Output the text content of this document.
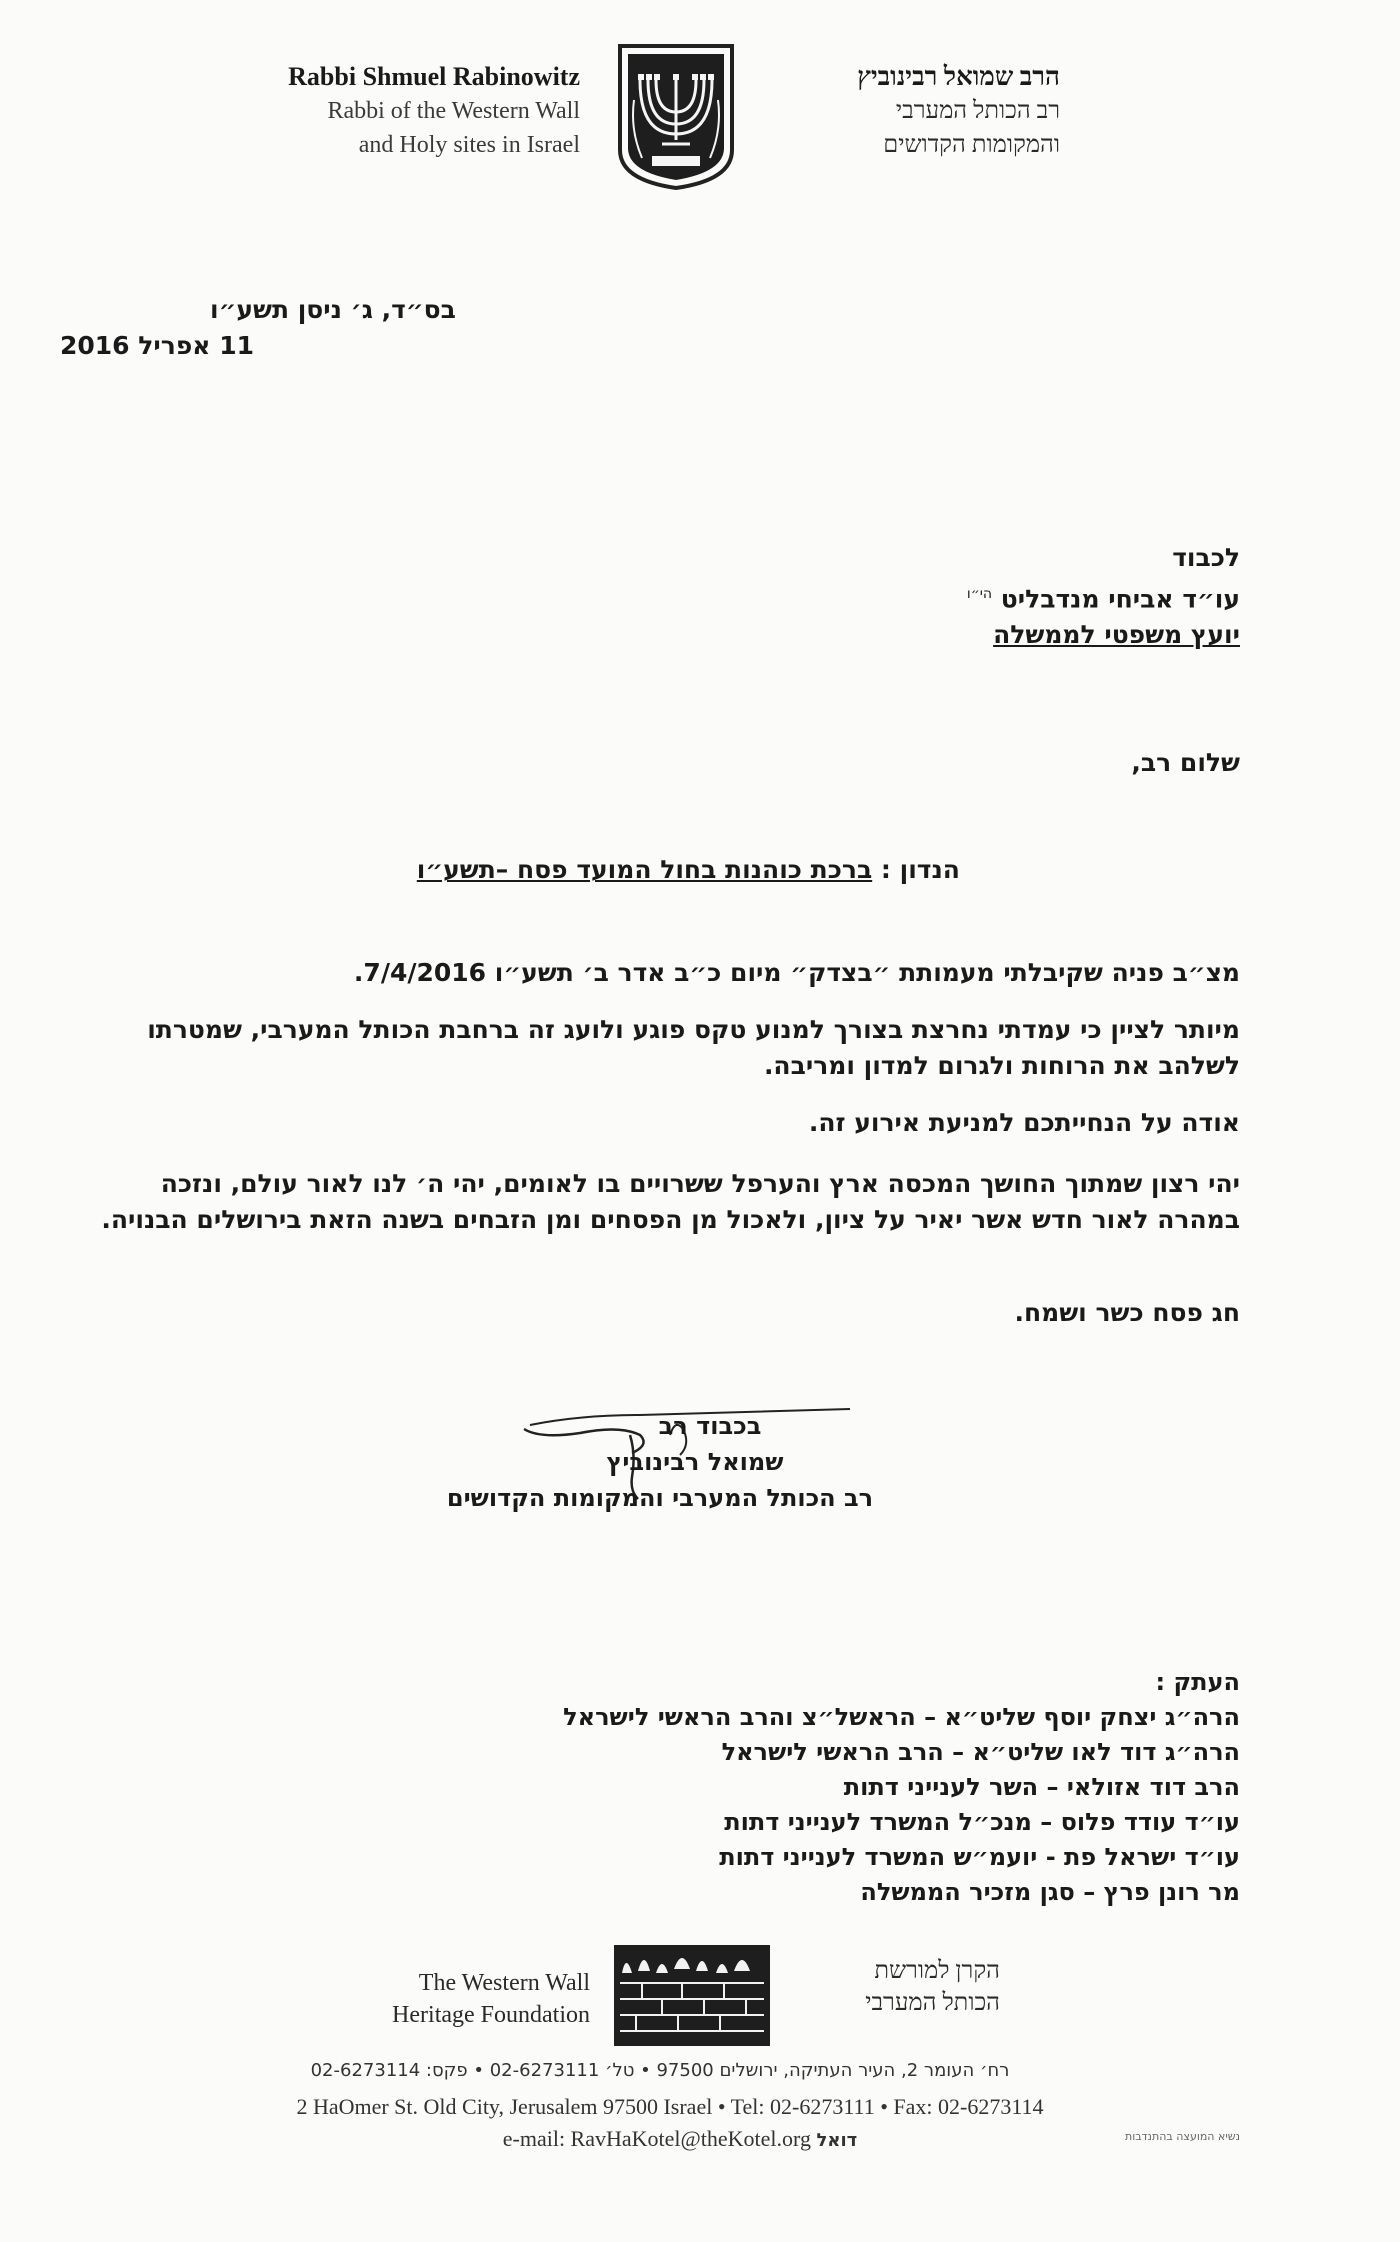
Rabbi Shmuel Rabinowitz
Rabbi of the Western Wall
and Holy sites in Israel
הרב שמואל רבינוביץ
רב הכותל המערבי
והמקומות הקדושים
בס״ד, ג׳ ניסן תשע״ו
11 אפריל 2016
לכבוד
עו״ד אביחי מנדבליט $^{הי״ו}$
יועץ משפטי לממשלה
שלום רב,
הנדון : ברכת כוהנות בחול המועד פסח –תשע״ו
מצ״ב פניה שקיבלתי מעמותת ״בצדק״ מיום כ״ב אדר ב׳ תשע״ו 7/4/2016.
מיותר לציין כי עמדתי נחרצת בצורך למנוע טקס פוגע ולועג זה ברחבת הכותל המערבי, שמטרתו לשלהב את הרוחות ולגרום למדון ומריבה.
אודה על הנחייתכם למניעת אירוע זה.
יהי רצון שמתוך החושך המכסה ארץ והערפל ששרויים בו לאומים, יהי ה׳ לנו לאור עולם, ונזכה במהרה לאור חדש אשר יאיר על ציון, ולאכול מן הפסחים ומן הזבחים בשנה הזאת בירושלים הבנויה.
חג פסח כשר ושמח.
בכבוד רב
שמואל רבינוביץ
רב הכותל המערבי והמקומות הקדושים
העתק :
הרה״ג יצחק יוסף שליט״א – הראשל״צ והרב הראשי לישראל
הרה״ג דוד לאו שליט״א – הרב הראשי לישראל
הרב דוד אזולאי – השר לענייני דתות
עו״ד עודד פלוס – מנכ״ל המשרד לענייני דתות
עו״ד ישראל פת - יועמ״ש המשרד לענייני דתות
מר רונן פרץ – סגן מזכיר הממשלה
The Western Wall
Heritage Foundation
הקרן למורשת
הכותל המערבי
רח׳ העומר 2, העיר העתיקה, ירושלים 97500 • טל׳ 02-6273111 • פקס: 02-6273114
2 HaOmer St. Old City, Jerusalem 97500 Israel • Tel: 02-6273111 • Fax: 02-6273114
e-mail: RavHaKotel@theKotel.org דואל	נשיא המועצה בהתנדבות
